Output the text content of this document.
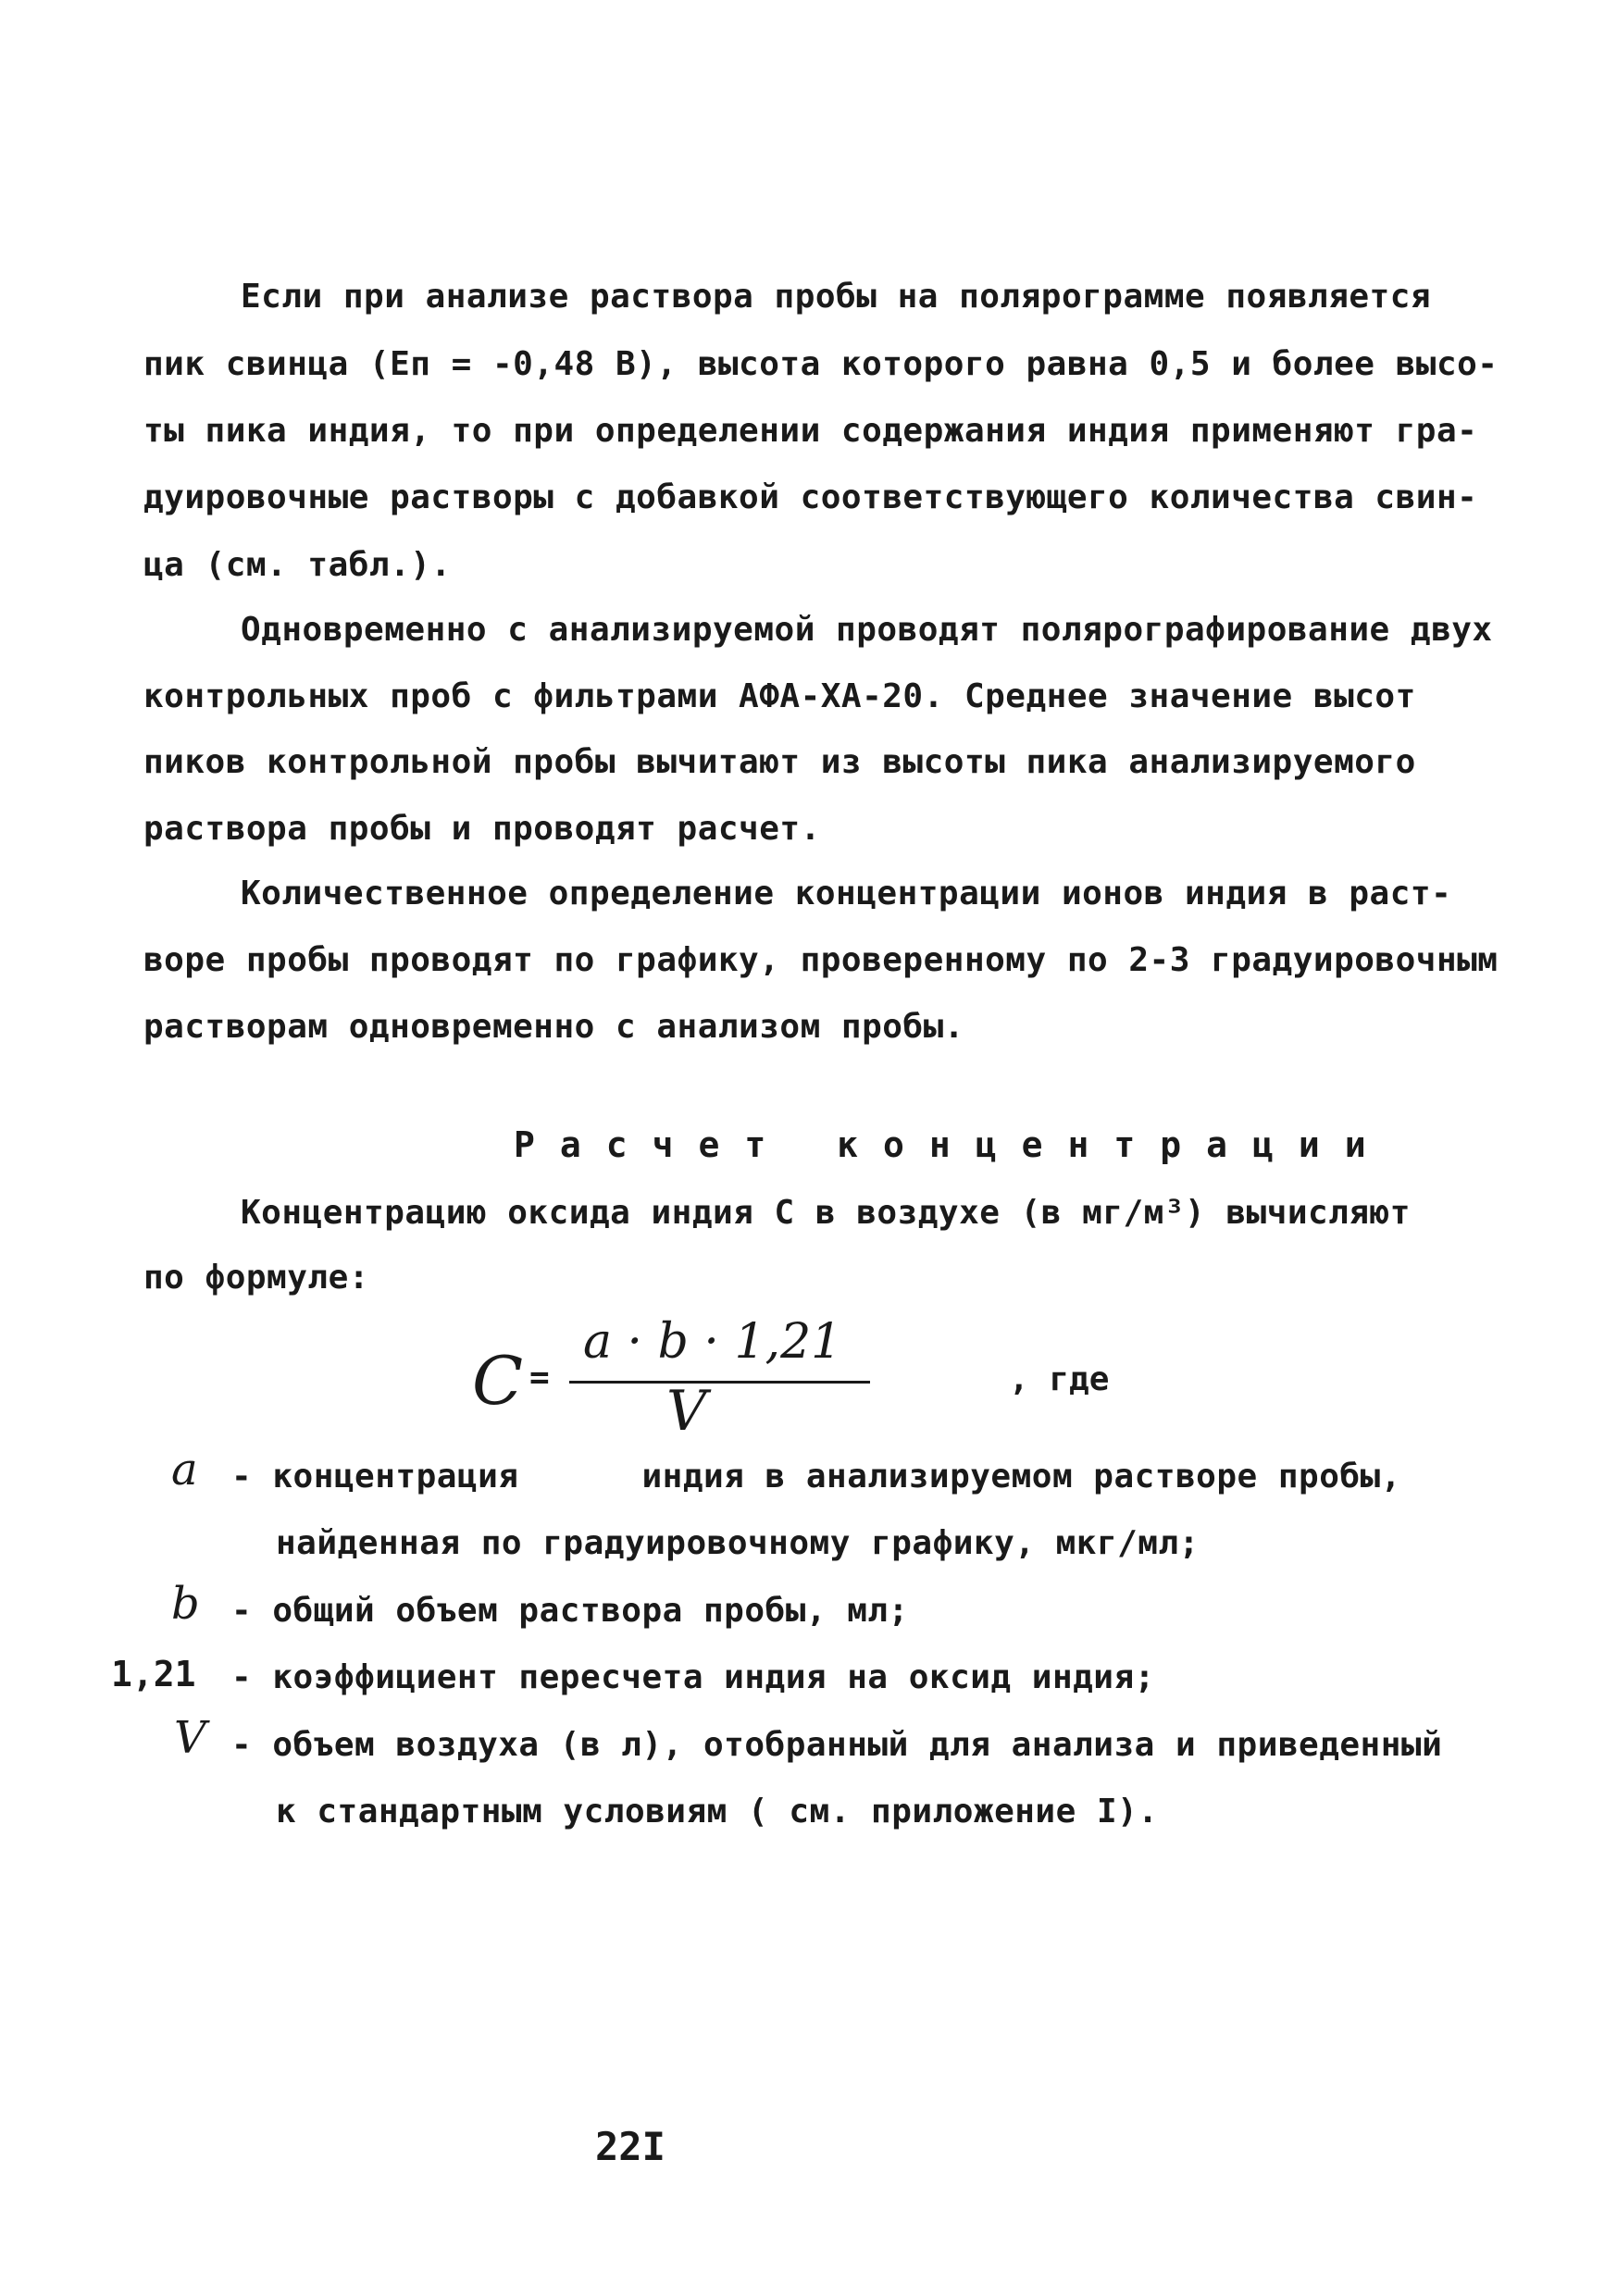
Если при анализе раствора пробы на полярограмме появляется
пик свинца (Еп = -0,48 В), высота которого равна 0,5 и более высо-
ты пика индия, то при определении содержания индия применяют гра-
дуировочные растворы с добавкой соответствующего количества свин-
ца (см. табл.).
Одновременно с анализируемой проводят полярографирование двух
контрольных проб с фильтрами АФА-ХА-20. Среднее значение высот
пиков контрольной пробы вычитают из высоты пика анализируемого
раствора пробы и проводят расчет.
Количественное определение концентрации ионов индия в раст-
воре пробы проводят по графику, проверенному по 2-3 градуировочным
растворам одновременно с анализом пробы.
Расчет концентрации
Концентрацию оксида индия С в воздухе (в мг/м³) вычисляют
по формуле:
C =
a · b · 1,21
V	, где
a - концентрация      индия в анализируемом растворе пробы,
найденная по градуировочному графику, мкг/мл;
b - общий объем раствора пробы, мл;
1,21 - коэффициент пересчета индия на оксид индия;
V - объем воздуха (в л), отобранный для анализа и приведенный
к стандартным условиям ( см. приложение I).
22I
